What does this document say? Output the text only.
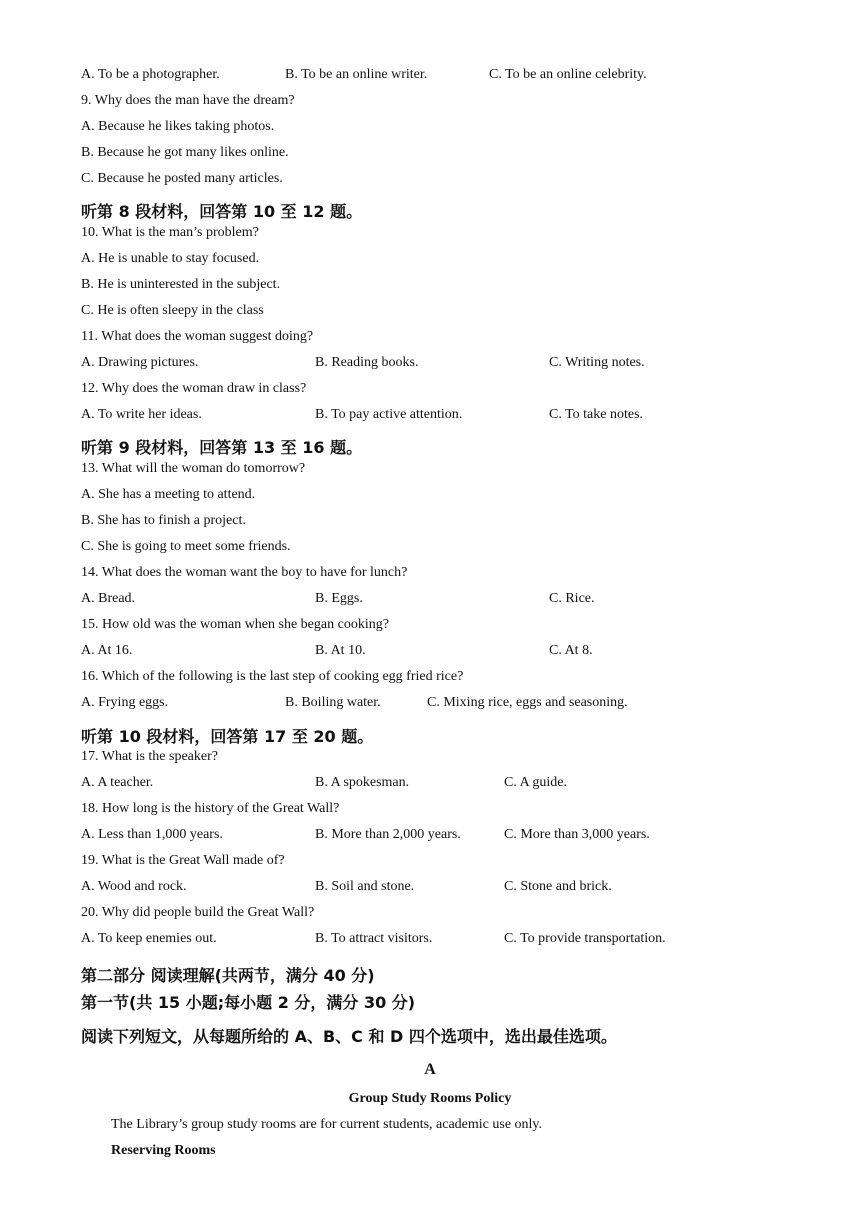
A. To be a photographer.	B. To be an online writer.	C. To be an online celebrity.
9. Why does the man have the dream?
A. Because he likes taking photos.
B. Because he got many likes online.
C. Because he posted many articles.
听第 8 段材料，回答第 10 至 12 题。
10. What is the man’s problem?
A. He is unable to stay focused.
B. He is uninterested in the subject.
C. He is often sleepy in the class
11. What does the woman suggest doing?
A. Drawing pictures.	B. Reading books.	C. Writing notes.
12. Why does the woman draw in class?
A. To write her ideas.	B. To pay active attention.	C. To take notes.
听第 9 段材料，回答第 13 至 16 题。
13. What will the woman do tomorrow?
A. She has a meeting to attend.
B. She has to finish a project.
C. She is going to meet some friends.
14. What does the woman want the boy to have for lunch?
A. Bread.	B. Eggs.	C. Rice.
15. How old was the woman when she began cooking?
A. At 16.	B. At 10.	C. At 8.
16. Which of the following is the last step of cooking egg fried rice?
A. Frying eggs.	B. Boiling water.	C. Mixing rice, eggs and seasoning.
听第 10 段材料，回答第 17 至 20 题。
17. What is the speaker?
A. A teacher.	B. A spokesman.	C. A guide.
18. How long is the history of the Great Wall?
A. Less than 1,000 years.	B. More than 2,000 years.	C. More than 3,000 years.
19. What is the Great Wall made of?
A. Wood and rock.	B. Soil and stone.	C. Stone and brick.
20. Why did people build the Great Wall?
A. To keep enemies out.	B. To attract visitors.	C. To provide transportation.
第二部分 阅读理解(共两节，满分 40 分)
第一节(共 15 小题;每小题 2 分，满分 30 分)
阅读下列短文，从每题所给的 A、B、C 和 D 四个选项中，选出最佳选项。
A
Group Study Rooms Policy
The Library’s group study rooms are for current students, academic use only.
Reserving Rooms
